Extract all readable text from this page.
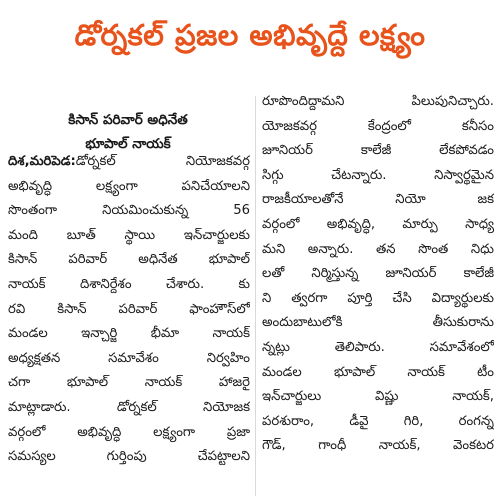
డోర్నకల్ ప్రజల అభివృద్దే లక్ష్యం
కిసాన్ పరివార్ అధినేత
భూపాల్ నాయక్
దిశ,మరిపెడ:డోర్నకల్ నియోజకవర్గ
అభివృద్ధి లక్ష్యంగా పనిచేయాలని
సొంతంగా నియమించుకున్న 56
మంది బూత్ స్థాయి ఇన్‌చార్జులకు
కిసాన్ పరివార్ అధినేత భూపాల్
నాయక్ దిశానిర్దేశం చేశారు. కు
రవి కిసాన్ పరివార్ ఫాంహౌస్‌లో
మండల ఇన్చార్జి భీమా నాయక్
అధ్యక్షతన సమావేశం నిర్వహిం
చగా భూపాల్ నాయక్ హాజరై
మాట్లాడారు. డోర్నకల్ నియోజక
వర్గంలో అభివృద్ధి లక్ష్యంగా ప్రజా
సమస్యల గుర్తింపు చేపట్టాలని
రూపొందిద్దామని పిలుపునిచ్చారు.
యోజకవర్గ కేంద్రంలో కనీసం
జూనియర్ కాలేజీ లేకపోవడం
సిగ్గు చేటన్నారు. నిస్వార్థమైన
రాజకీయాలతోనే నియో జక
వర్గంలో అభివృద్ధి, మార్పు సాధ్య
మని అన్నారు. తన సొంత నిధు
లతో నిర్మిస్తున్న జూనియర్ కాలేజీ
ని త్వరగా పూర్తి చేసి విద్యార్థులకు
అందుబాటులోకి తీసుకురాను
న్నట్లు తెలిపారు. సమావేశంలో
మండల భూపాల్ నాయక్ టీం
ఇన్‌చార్జులు విష్ణు నాయక్,
పరశురాం, డీవై గిరి, రంగన్న
గౌడ్, గాంధీ నాయక్, వెంకటర
